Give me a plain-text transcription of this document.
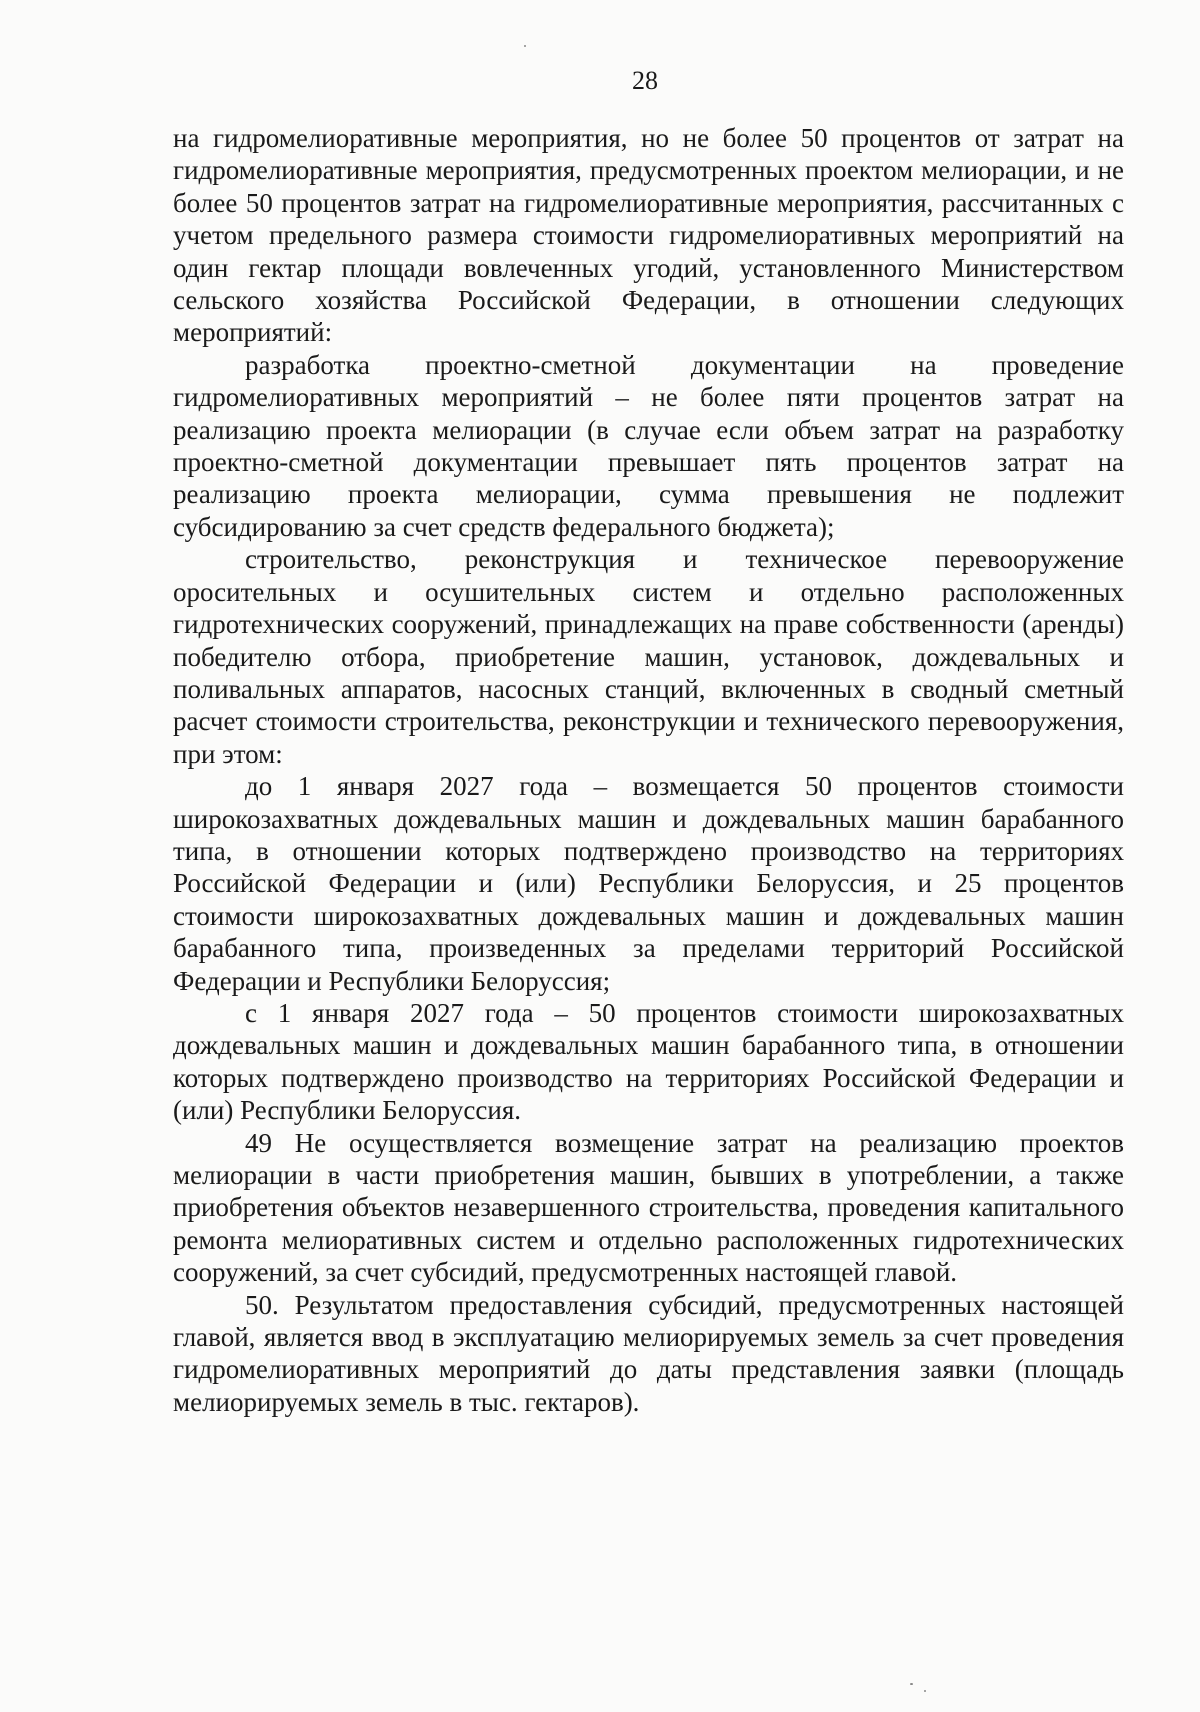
28

на гидромелиоративные мероприятия, но не более 50 процентов от затрат на гидромелиоративные мероприятия, предусмотренных проектом мелиорации, и не более 50 процентов затрат на гидромелиоративные мероприятия, рассчитанных с учетом предельного размера стоимости гидромелиоративных мероприятий на один гектар площади вовлеченных угодий, установленного Министерством сельского хозяйства Российской Федерации, в отношении следующих мероприятий:

разработка проектно-сметной документации на проведение гидромелиоративных мероприятий – не более пяти процентов затрат на реализацию проекта мелиорации (в случае если объем затрат на разработку проектно-сметной документации превышает пять процентов затрат на реализацию проекта мелиорации, сумма превышения не подлежит субсидированию за счет средств федерального бюджета);

строительство, реконструкция и техническое перевооружение оросительных и осушительных систем и отдельно расположенных гидротехнических сооружений, принадлежащих на праве собственности (аренды) победителю отбора, приобретение машин, установок, дождевальных и поливальных аппаратов, насосных станций, включенных в сводный сметный расчет стоимости строительства, реконструкции и технического перевооружения, при этом:

до 1 января 2027 года – возмещается 50 процентов стоимости широкозахватных дождевальных машин и дождевальных машин барабанного типа, в отношении которых подтверждено производство на территориях Российской Федерации и (или) Республики Белоруссия, и 25 процентов стоимости широкозахватных дождевальных машин и дождевальных машин барабанного типа, произведенных за пределами территорий Российской Федерации и Республики Белоруссия;

с 1 января 2027 года – 50 процентов стоимости широкозахватных дождевальных машин и дождевальных машин барабанного типа, в отношении которых подтверждено производство на территориях Российской Федерации и (или) Республики Белоруссия.

49 Не осуществляется возмещение затрат на реализацию проектов мелиорации в части приобретения машин, бывших в употреблении, а также приобретения объектов незавершенного строительства, проведения капитального ремонта мелиоративных систем и отдельно расположенных гидротехнических сооружений, за счет субсидий, предусмотренных настоящей главой.

50. Результатом предоставления субсидий, предусмотренных настоящей главой, является ввод в эксплуатацию мелиорируемых земель за счет проведения гидромелиоративных мероприятий до даты представления заявки (площадь мелиорируемых земель в тыс. гектаров).
